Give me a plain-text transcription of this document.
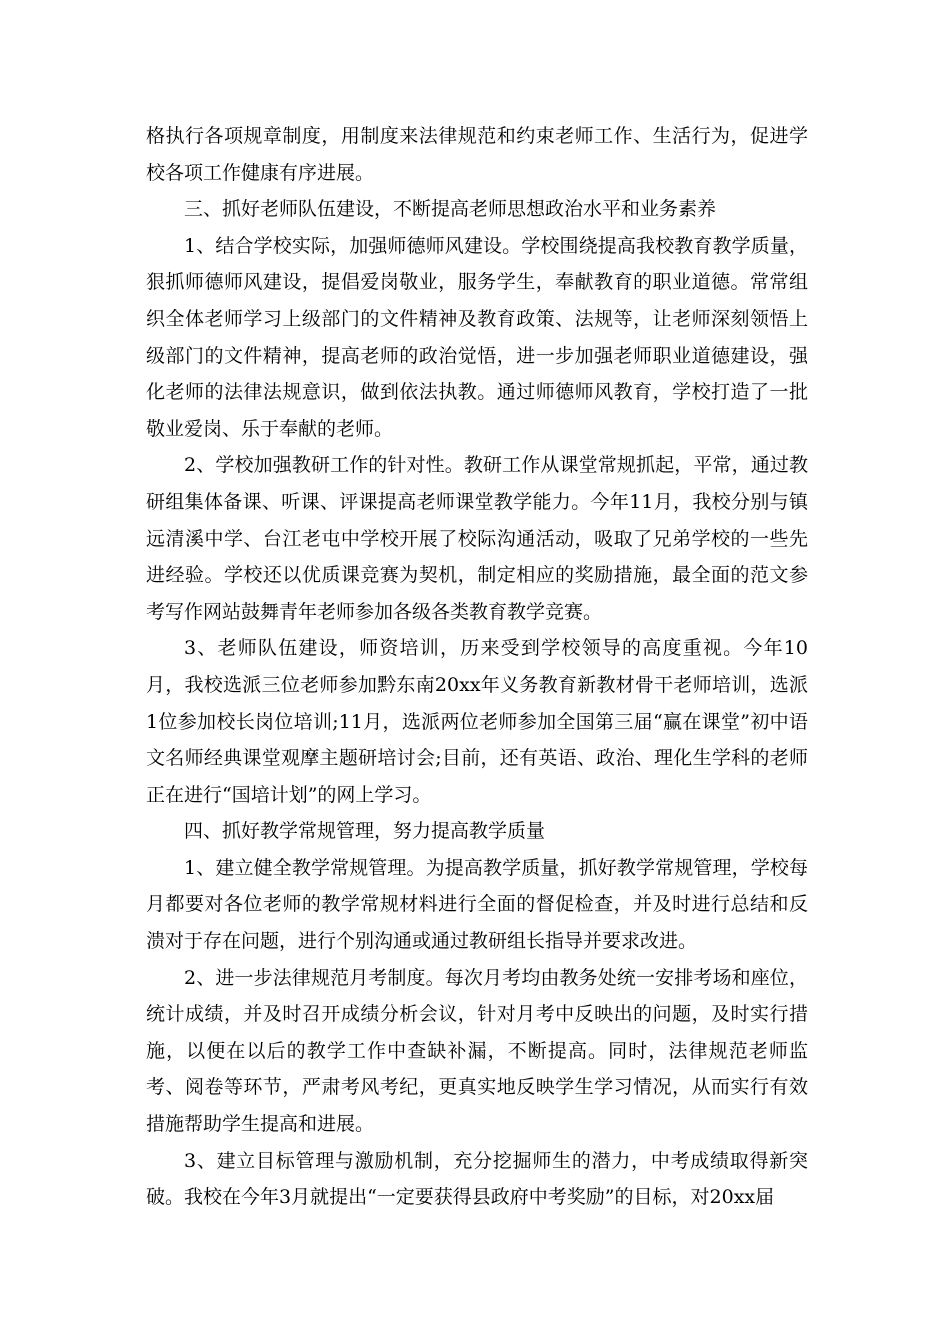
格执行各项规章制度，用制度来法律规范和约束老师工作、生活行为，促进学校各项工作健康有序进展。

三、抓好老师队伍建设，不断提高老师思想政治水平和业务素养

1、结合学校实际，加强师德师风建设。学校围绕提高我校教育教学质量，狠抓师德师风建设，提倡爱岗敬业，服务学生，奉献教育的职业道德。常常组织全体老师学习上级部门的文件精神及教育政策、法规等，让老师深刻领悟上级部门的文件精神，提高老师的政治觉悟，进一步加强老师职业道德建设，强化老师的法律法规意识，做到依法执教。通过师德师风教育，学校打造了一批敬业爱岗、乐于奉献的老师。

2、学校加强教研工作的针对性。教研工作从课堂常规抓起，平常，通过教研组集体备课、听课、评课提高老师课堂教学能力。今年11月，我校分别与镇远清溪中学、台江老屯中学校开展了校际沟通活动，吸取了兄弟学校的一些先进经验。学校还以优质课竞赛为契机，制定相应的奖励措施，最全面的范文参考写作网站鼓舞青年老师参加各级各类教育教学竞赛。

3、老师队伍建设，师资培训，历来受到学校领导的高度重视。今年10月，我校选派三位老师参加黔东南20xx年义务教育新教材骨干老师培训，选派1位参加校长岗位培训;11月，选派两位老师参加全国第三届“赢在课堂”初中语文名师经典课堂观摩主题研培讨会;目前，还有英语、政治、理化生学科的老师正在进行“国培计划”的网上学习。

四、抓好教学常规管理，努力提高教学质量

1、建立健全教学常规管理。为提高教学质量，抓好教学常规管理，学校每月都要对各位老师的教学常规材料进行全面的督促检查，并及时进行总结和反溃对于存在问题，进行个别沟通或通过教研组长指导并要求改进。

2、进一步法律规范月考制度。每次月考均由教务处统一安排考场和座位，统计成绩，并及时召开成绩分析会议，针对月考中反映出的问题，及时实行措施，以便在以后的教学工作中查缺补漏，不断提高。同时，法律规范老师监考、阅卷等环节，严肃考风考纪，更真实地反映学生学习情况，从而实行有效措施帮助学生提高和进展。

3、建立目标管理与激励机制，充分挖掘师生的潜力，中考成绩取得新突破。我校在今年3月就提出“一定要获得县政府中考奖励”的目标，对20xx届
